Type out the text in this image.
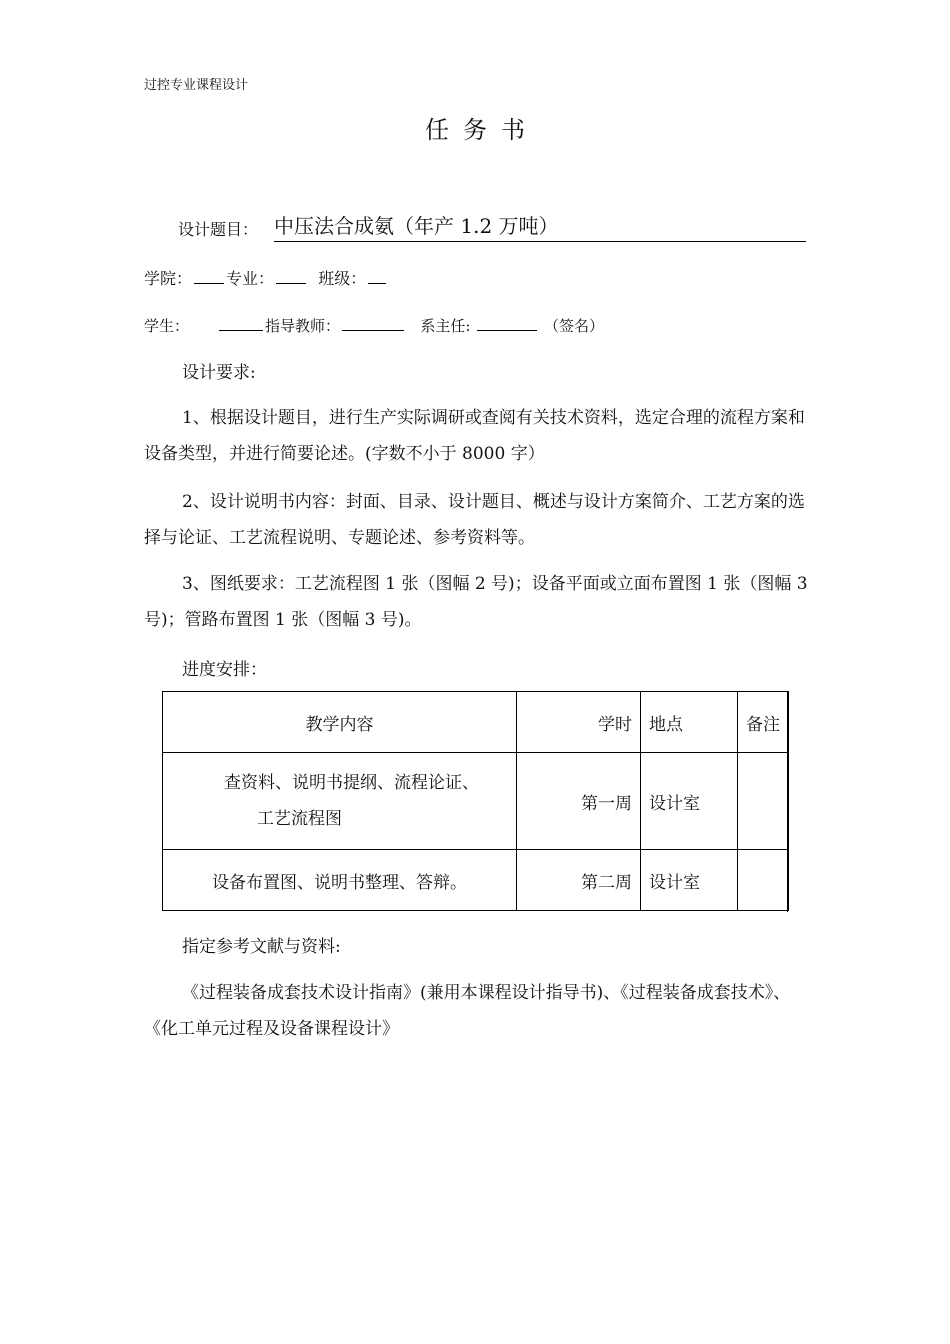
过控专业课程设计
任务书
设计题目： 中压法合成氨（年产 1.2 万吨）
学院： 专业：	班级：
学生：	指导教师：	系主任:	（签名）
设计要求:
1、根据设计题目，进行生产实际调研或查阅有关技术资料，选定合理的流程方案和设备类型，并进行简要论述。(字数不小于 8000 字）
2、设计说明书内容：封面、目录、设计题目、概述与设计方案简介、工艺方案的选择与论证、工艺流程说明、专题论述、参考资料等。
3、图纸要求：工艺流程图 1 张（图幅 2 号)；设备平面或立面布置图 1 张（图幅 3 号)；管路布置图 1 张（图幅 3 号)。
进度安排：
教学内容	学时	地点	备注

查资料、说明书提纲、流程论证、
工艺流程图	第一周	设计室	
设备布置图、说明书整理、答辩。	第二周	设计室	
指定参考文献与资料:
《过程装备成套技术设计指南》(兼用本课程设计指导书)、《过程装备成套技术》、《化工单元过程及设备课程设计》
